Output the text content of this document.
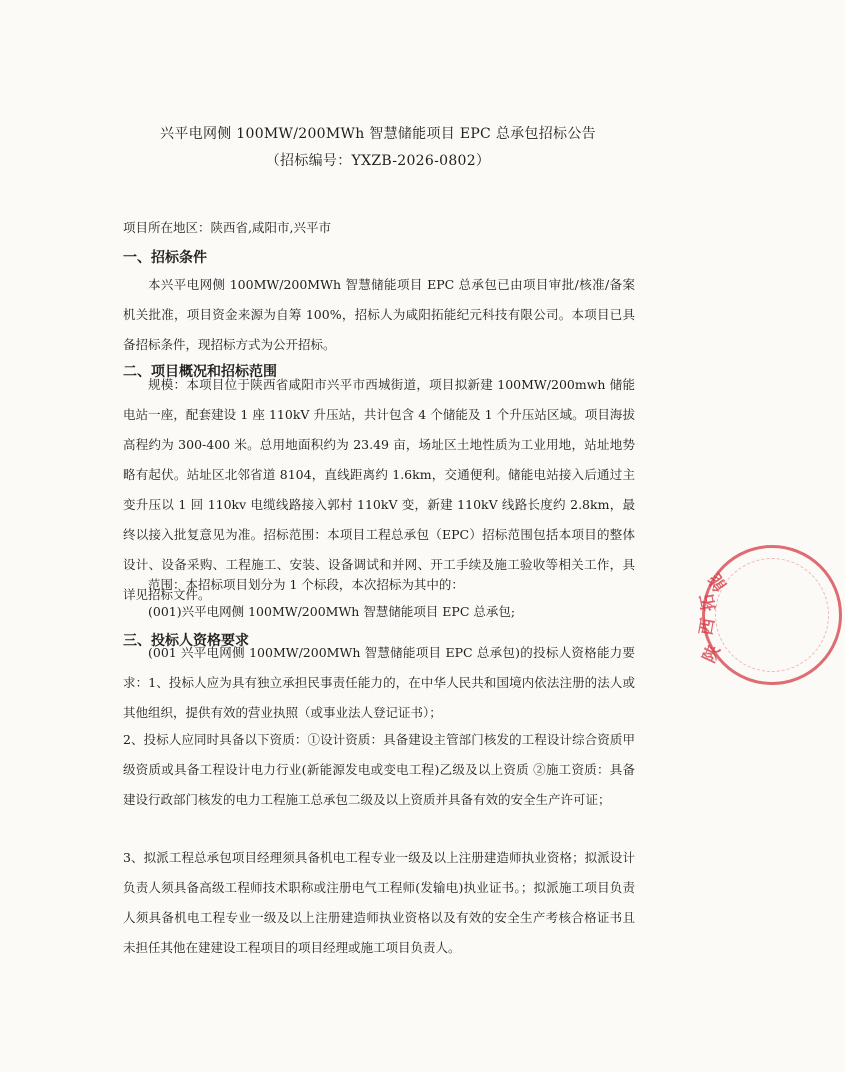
兴平电网侧 100MW/200MWh 智慧储能项目 EPC 总承包招标公告
（招标编号：YXZB-2026-0802）
项目所在地区：陕西省,咸阳市,兴平市
一、招标条件
本兴平电网侧 100MW/200MWh 智慧储能项目 EPC 总承包已由项目审批/核准/备案机关批准，项目资金来源为自筹 100%，招标人为咸阳拓能纪元科技有限公司。本项目已具备招标条件，现招标方式为公开招标。
二、项目概况和招标范围
规模：本项目位于陕西省咸阳市兴平市西城街道，项目拟新建 100MW/200mwh 储能电站一座，配套建设 1 座 110kV 升压站，共计包含 4 个储能及 1 个升压站区域。项目海拔高程约为 300-400 米。总用地面积约为 23.49 亩，场址区土地性质为工业用地，站址地势略有起伏。站址区北邻省道 8104，直线距离约 1.6km，交通便利。储能电站接入后通过主变升压以 1 回 110kv 电缆线路接入郭村 110kV 变，新建 110kV 线路长度约 2.8km，最终以接入批复意见为准。招标范围：本项目工程总承包（EPC）招标范围包括本项目的整体设计、设备采购、工程施工、安装、设备调试和并网、开工手续及施工验收等相关工作，具详见招标文件。
范围：本招标项目划分为 1 个标段，本次招标为其中的：
(001)兴平电网侧 100MW/200MWh 智慧储能项目 EPC 总承包;
三、投标人资格要求
(001 兴平电网侧 100MW/200MWh 智慧储能项目 EPC 总承包)的投标人资格能力要求：1、投标人应为具有独立承担民事责任能力的，在中华人民共和国境内依法注册的法人或其他组织，提供有效的营业执照（或事业法人登记证书）；
2、投标人应同时具备以下资质：①设计资质：具备建设主管部门核发的工程设计综合资质甲级资质或具备工程设计电力行业(新能源发电或变电工程)乙级及以上资质 ②施工资质：具备建设行政部门核发的电力工程施工总承包二级及以上资质并具备有效的安全生产许可证；
3、拟派工程总承包项目经理须具备机电工程专业一级及以上注册建造师执业资格；拟派设计负责人须具备高级工程师技术职称或注册电气工程师(发输电)执业证书。；拟派施工项目负责人须具备机电工程专业一级及以上注册建造师执业资格以及有效的安全生产考核合格证书且未担任其他在建建设工程项目的项目经理或施工项目负责人。
陕
西
拓
能
